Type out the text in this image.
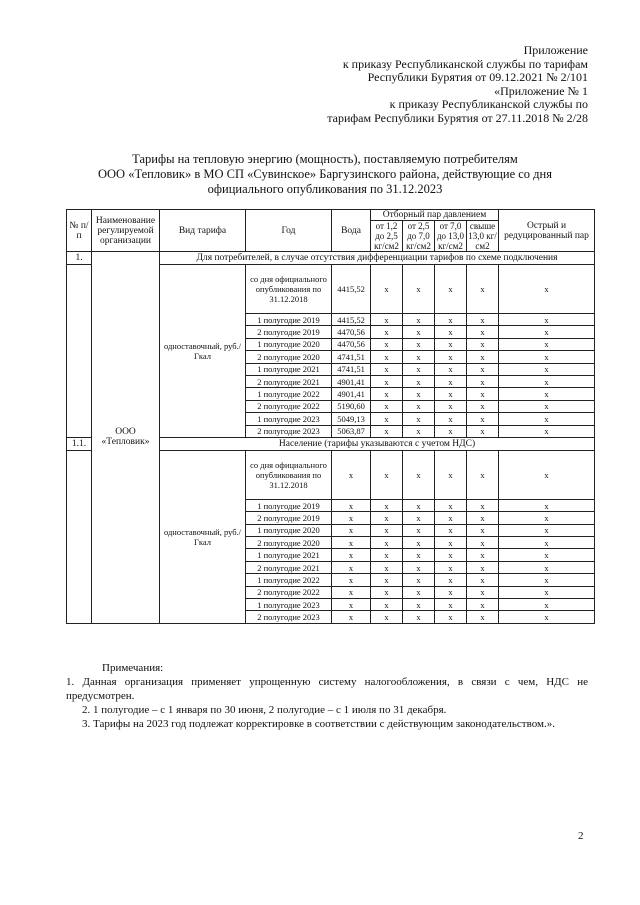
Приложение
к приказу Республиканской службы по тарифам
Республики Бурятия от 09.12.2021 № 2/101
«Приложение № 1
к приказу Республиканской службы по
тарифам Республики Бурятия от 27.11.2018 № 2/28
Тарифы на тепловую энергию (мощность), поставляемую потребителям
ООО «Тепловик» в МО СП «Сувинское» Баргузинского района, действующие со дня
официального опубликования по 31.12.2023
№ п/п	Наименование регулируемой организации	Вид тарифа	Год	Вода	Отборный пар давлением				Острый и редуцированный пар
					от 1,2 до 2,5 кг/см2	от 2,5 до 7,0 кг/см2	от 7,0 до 13,0 кг/см2	свыше 13,0 кг/см2	
1.	ООО «Тепловик»	Для потребителей, в случае отсутствия дифференциации тарифов по схеме подключения							
		одноставочный, руб./Гкал	со дня официального опубликования по 31.12.2018	4415,52	х	х	х	х	х
			1 полугодие 2019	4415,52	х	х	х	х	х
			2 полугодие 2019	4470,56	х	х	х	х	х
			1 полугодие 2020	4470,56	х	х	х	х	х
			2 полугодие 2020	4741,51	х	х	х	х	х
			1 полугодие 2021	4741,51	х	х	х	х	х
			2 полугодие 2021	4901,41	х	х	х	х	х
			1 полугодие 2022	4901,41	х	х	х	х	х
			2 полугодие 2022	5190,60	х	х	х	х	х
			1 полугодие 2023	5049,13	х	х	х	х	х
			2 полугодие 2023	5063,87	х	х	х	х	х
1.1.		Население (тарифы указываются с учетом НДС)							
		одноставочный, руб./Гкал	со дня официального опубликования по 31.12.2018	х	х	х	х	х	х
			1 полугодие 2019	х	х	х	х	х	х
			2 полугодие 2019	х	х	х	х	х	х
			1 полугодие 2020	х	х	х	х	х	х
			2 полугодие 2020	х	х	х	х	х	х
			1 полугодие 2021	х	х	х	х	х	х
			2 полугодие 2021	х	х	х	х	х	х
			1 полугодие 2022	х	х	х	х	х	х
			2 полугодие 2022	х	х	х	х	х	х
			1 полугодие 2023	х	х	х	х	х	х
			2 полугодие 2023	х	х	х	х	х	х

Примечания:

1. Данная организация применяет упрощенную систему налогообложения, в связи с чем, НДС не предусмотрен.

2. 1 полугодие – с 1 января по 30 июня, 2 полугодие – с 1 июля по 31 декабря.

3. Тарифы на 2023 год подлежат корректировке в соответствии с действующим законодательством.».

2
